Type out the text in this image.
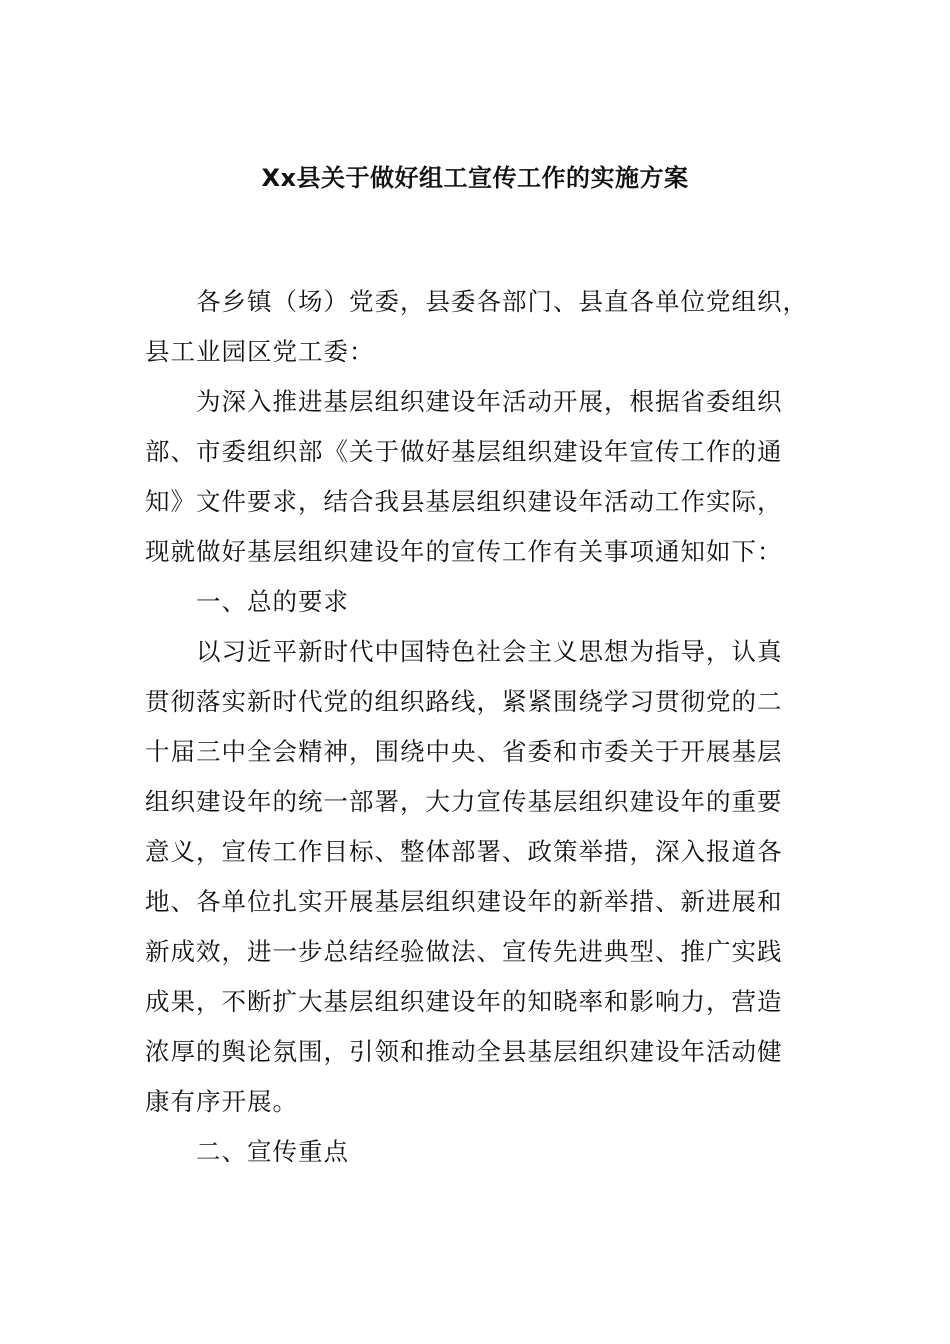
Xx县关于做好组工宣传工作的实施方案
　　各乡镇（场）党委，县委各部门、县直各单位党组织，
县工业园区党工委：
　　为深入推进基层组织建设年活动开展，根据省委组织
部、市委组织部《关于做好基层组织建设年宣传工作的通
知》文件要求，结合我县基层组织建设年活动工作实际，
现就做好基层组织建设年的宣传工作有关事项通知如下：
　　一、总的要求
　　以习近平新时代中国特色社会主义思想为指导，认真
贯彻落实新时代党的组织路线，紧紧围绕学习贯彻党的二
十届三中全会精神，围绕中央、省委和市委关于开展基层
组织建设年的统一部署，大力宣传基层组织建设年的重要
意义，宣传工作目标、整体部署、政策举措，深入报道各
地、各单位扎实开展基层组织建设年的新举措、新进展和
新成效，进一步总结经验做法、宣传先进典型、推广实践
成果，不断扩大基层组织建设年的知晓率和影响力，营造
浓厚的舆论氛围，引领和推动全县基层组织建设年活动健
康有序开展。
　　二、宣传重点
